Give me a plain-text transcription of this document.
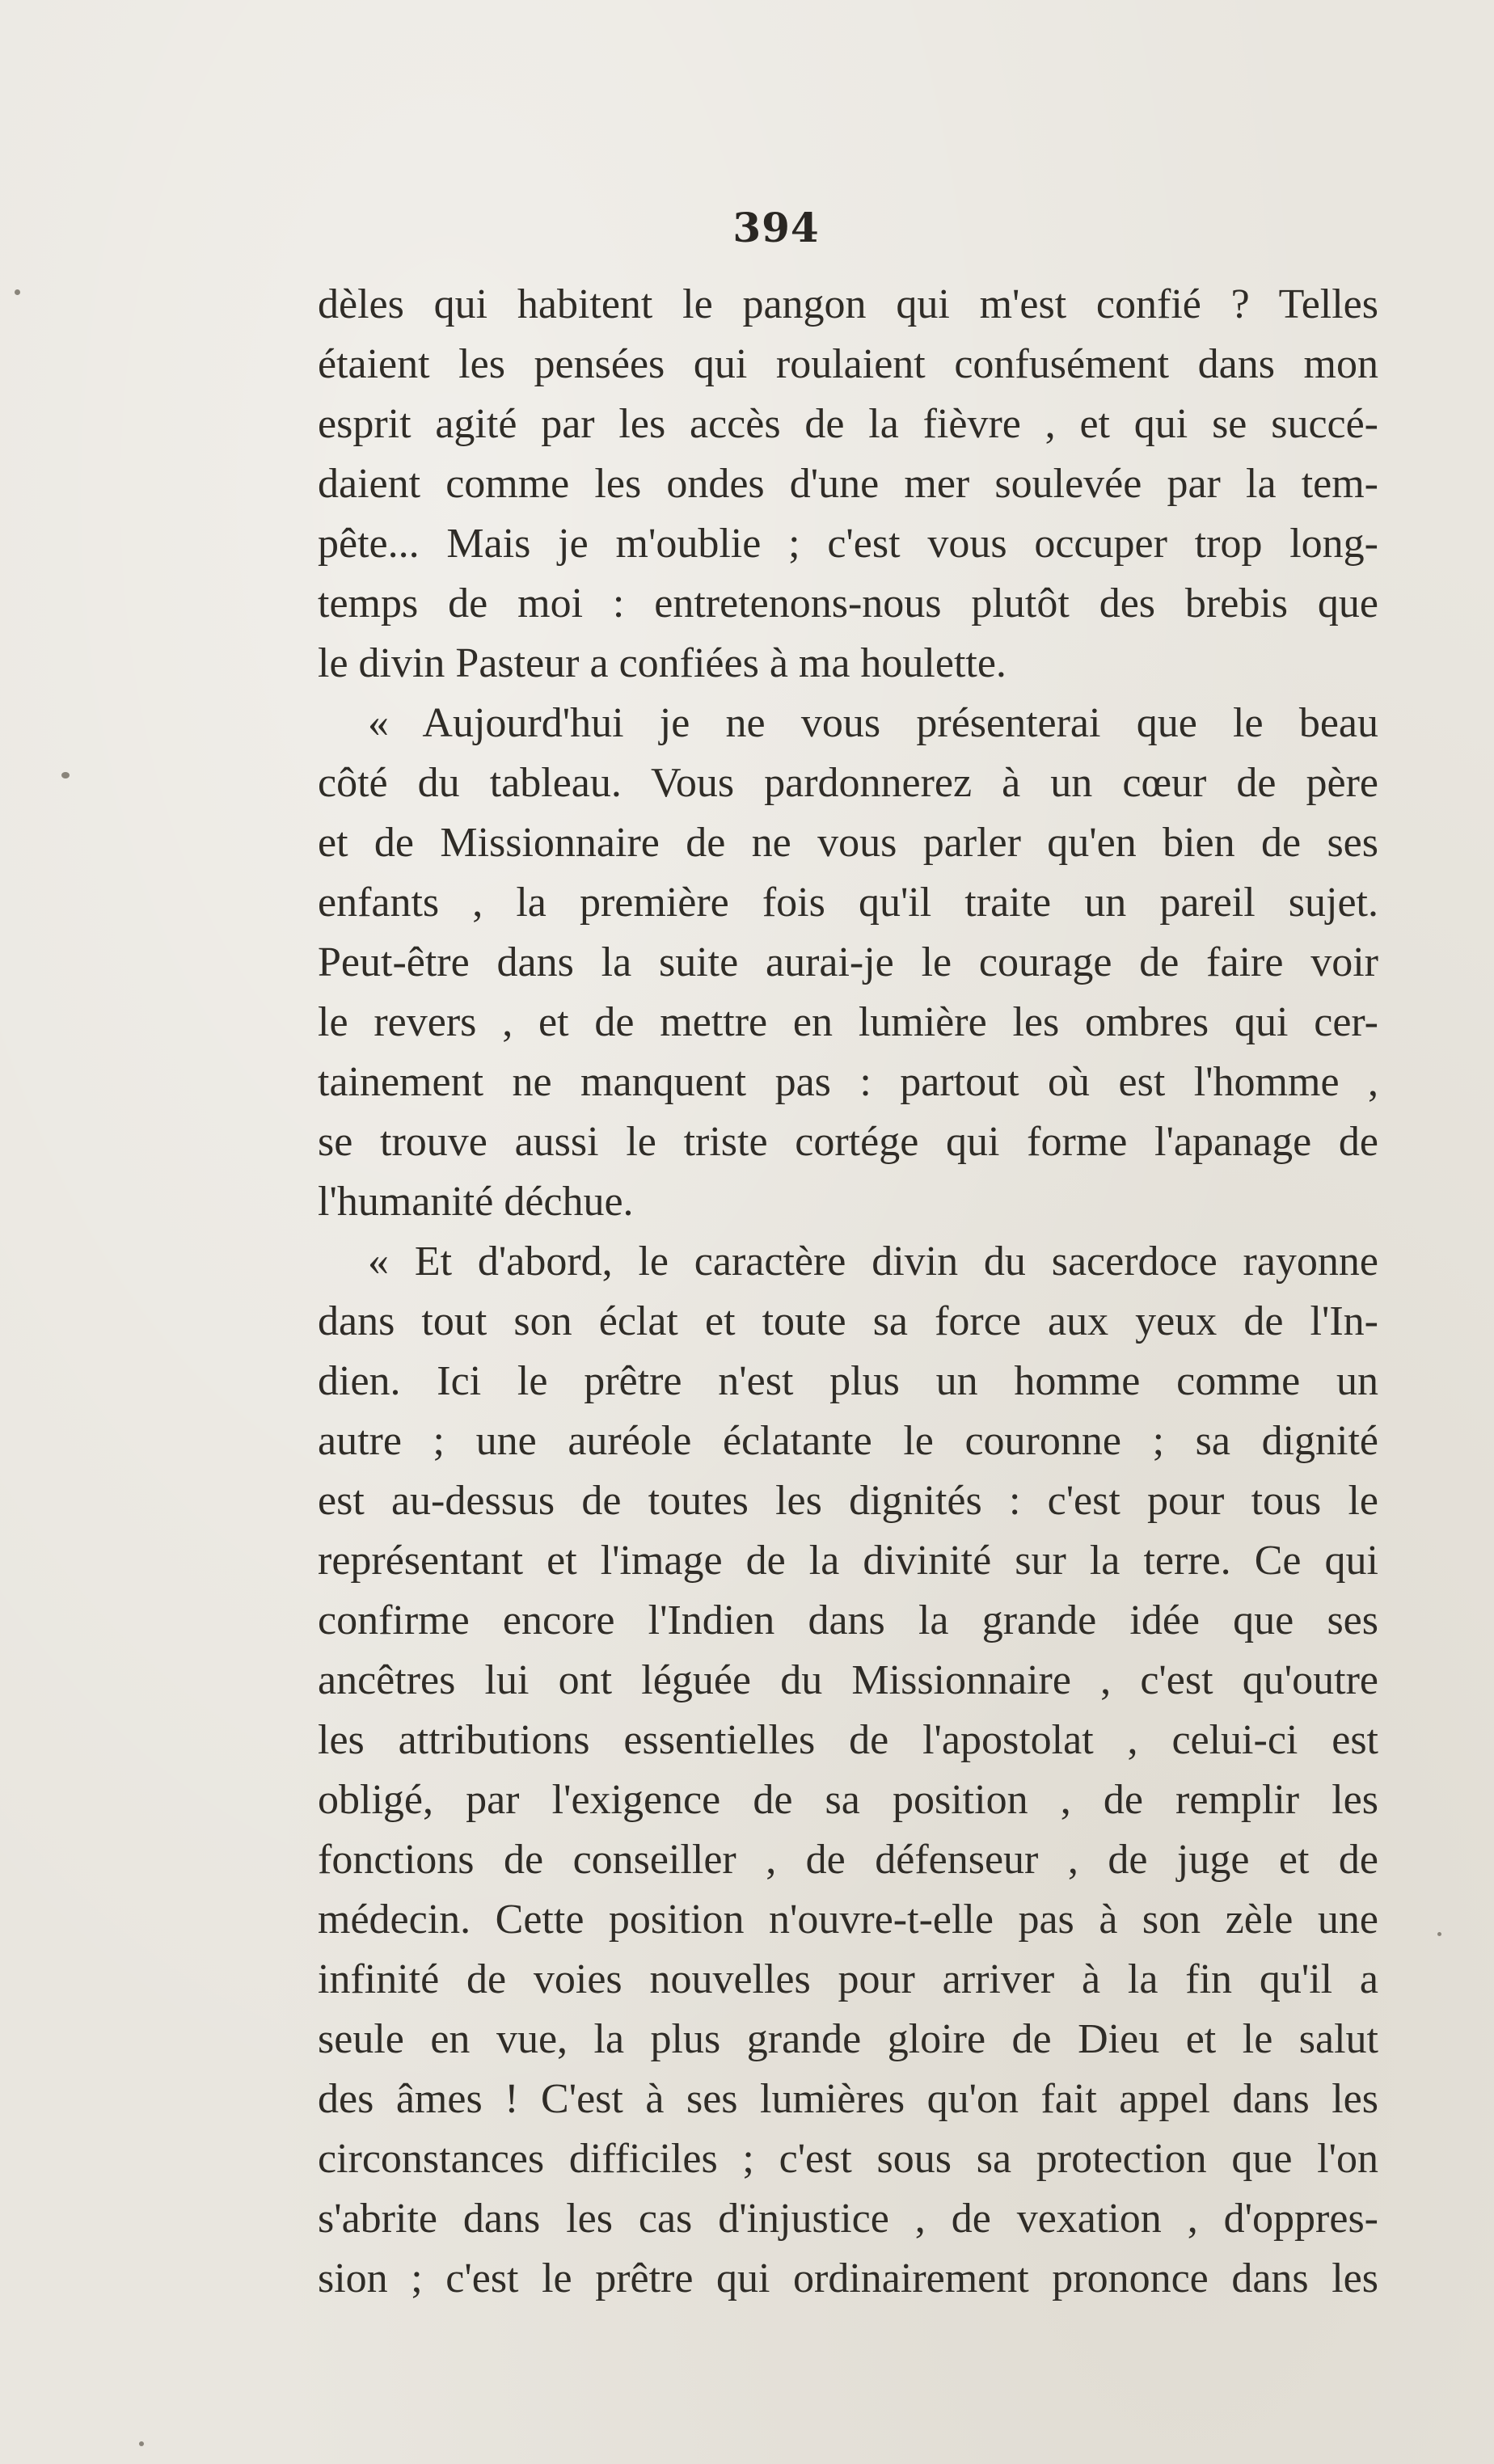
394
dèles qui habitent le pangon qui m'est confié ? Telles
étaient les pensées qui roulaient confusément dans mon
esprit agité par les accès de la fièvre , et qui se succé-
daient comme les ondes d'une mer soulevée par la tem-
pête... Mais je m'oublie ; c'est vous occuper trop long-
temps de moi : entretenons-nous plutôt des brebis que
le divin Pasteur a confiées à ma houlette.
« Aujourd'hui je ne vous présenterai que le beau
côté du tableau. Vous pardonnerez à un cœur de père
et de Missionnaire de ne vous parler qu'en bien de ses
enfants , la première fois qu'il traite un pareil sujet.
Peut-être dans la suite aurai-je le courage de faire voir
le revers , et de mettre en lumière les ombres qui cer-
tainement ne manquent pas : partout où est l'homme ,
se trouve aussi le triste cortége qui forme l'apanage de
l'humanité déchue.
« Et d'abord, le caractère divin du sacerdoce rayonne
dans tout son éclat et toute sa force aux yeux de l'In-
dien. Ici le prêtre n'est plus un homme comme un
autre ; une auréole éclatante le couronne ; sa dignité
est au-dessus de toutes les dignités : c'est pour tous le
représentant et l'image de la divinité sur la terre. Ce qui
confirme encore l'Indien dans la grande idée que ses
ancêtres lui ont léguée du Missionnaire , c'est qu'outre
les attributions essentielles de l'apostolat , celui-ci est
obligé, par l'exigence de sa position , de remplir les
fonctions de conseiller , de défenseur , de juge et de
médecin. Cette position n'ouvre-t-elle pas à son zèle une
infinité de voies nouvelles pour arriver à la fin qu'il a
seule en vue, la plus grande gloire de Dieu et le salut
des âmes ! C'est à ses lumières qu'on fait appel dans les
circonstances difficiles ; c'est sous sa protection que l'on
s'abrite dans les cas d'injustice , de vexation , d'oppres-
sion ; c'est le prêtre qui ordinairement prononce dans les
